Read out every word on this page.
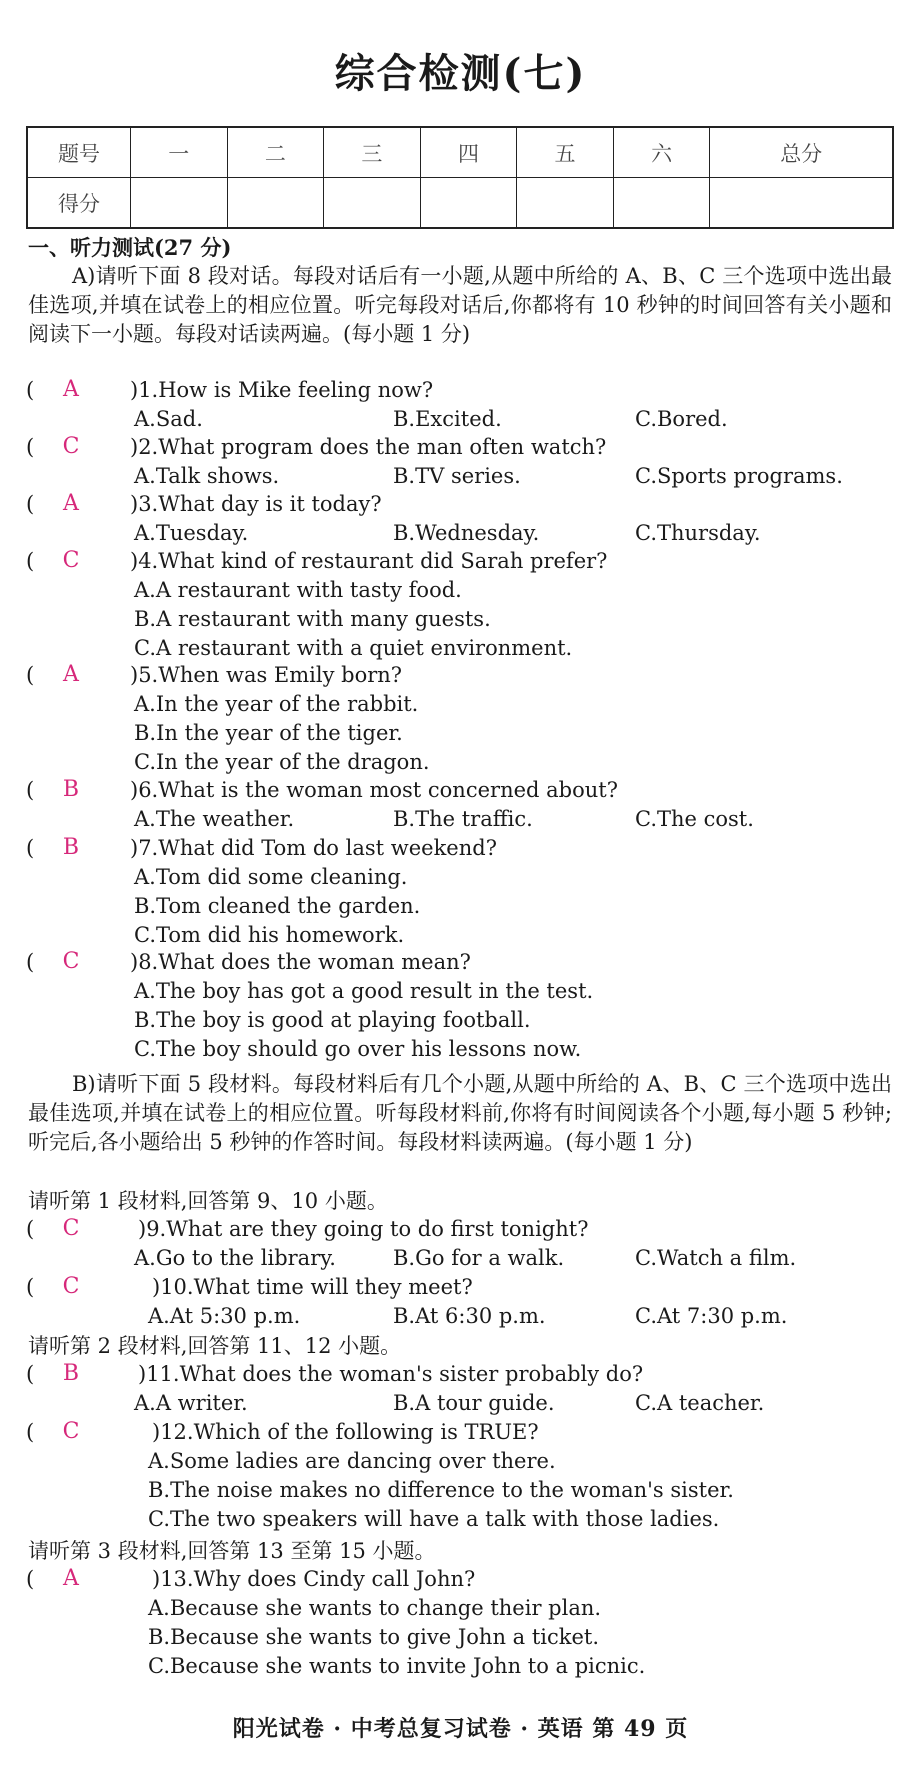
综合检测(七)
题号	一	二	三	四	五	六	总分
得分							
一、听力测试(27 分)
A)请听下面 8 段对话。每段对话后有一小题,从题中所给的 A、B、C 三个选项中选出最佳选项,并填在试卷上的相应位置。听完每段对话后,你都将有 10 秒钟的时间回答有关小题和阅读下一小题。每段对话读两遍。(每小题 1 分)
(	A	)1.How is Mike feeling now?
A.Sad.	B.Excited.	C.Bored.
( C	)2.What program does the man often watch?
A.Talk shows.	B.TV series.	C.Sports programs.
(	A	)3.What day is it today?
A.Tuesday.	B.Wednesday.	C.Thursday.
( C	)4.What kind of restaurant did Sarah prefer?
A.A restaurant with tasty food.
B.A restaurant with many guests.
C.A restaurant with a quiet environment.
(	A	)5.When was Emily born?
A.In the year of the rabbit.
B.In the year of the tiger.
C.In the year of the dragon.
(	B	)6.What is the woman most concerned about?
A.The weather.	B.The traffic.	C.The cost.
(	B	)7.What did Tom do last weekend?
A.Tom did some cleaning.
B.Tom cleaned the garden.
C.Tom did his homework.
( C	)8.What does the woman mean?
A.The boy has got a good result in the test.
B.The boy is good at playing football.
C.The boy should go over his lessons now.
B)请听下面 5 段材料。每段材料后有几个小题,从题中所给的 A、B、C 三个选项中选出最佳选项,并填在试卷上的相应位置。听每段材料前,你将有时间阅读各个小题,每小题 5 秒钟;听完后,各小题给出 5 秒钟的作答时间。每段材料读两遍。(每小题 1 分)
请听第 1 段材料,回答第 9、10 小题。
请听第 2 段材料,回答第 11、12 小题。
请听第 3 段材料,回答第 13 至第 15 小题。
( C	)9.What are they going to do first tonight?
A.Go to the library.	B.Go for a walk.	C.Watch a film.
( C	)10.What time will they meet?
A.At 5:30 p.m.	B.At 6:30 p.m.	C.At 7:30 p.m.
(	B	)11.What does the woman's sister probably do?
A.A writer.	B.A tour guide.	C.A teacher.
( C	)12.Which of the following is TRUE?
A.Some ladies are dancing over there.
B.The noise makes no difference to the woman's sister.
C.The two speakers will have a talk with those ladies.
(	A	)13.Why does Cindy call John?
A.Because she wants to change their plan.
B.Because she wants to give John a ticket.
C.Because she wants to invite John to a picnic.
阳光试卷 · 中考总复习试卷 · 英语 第 49 页
